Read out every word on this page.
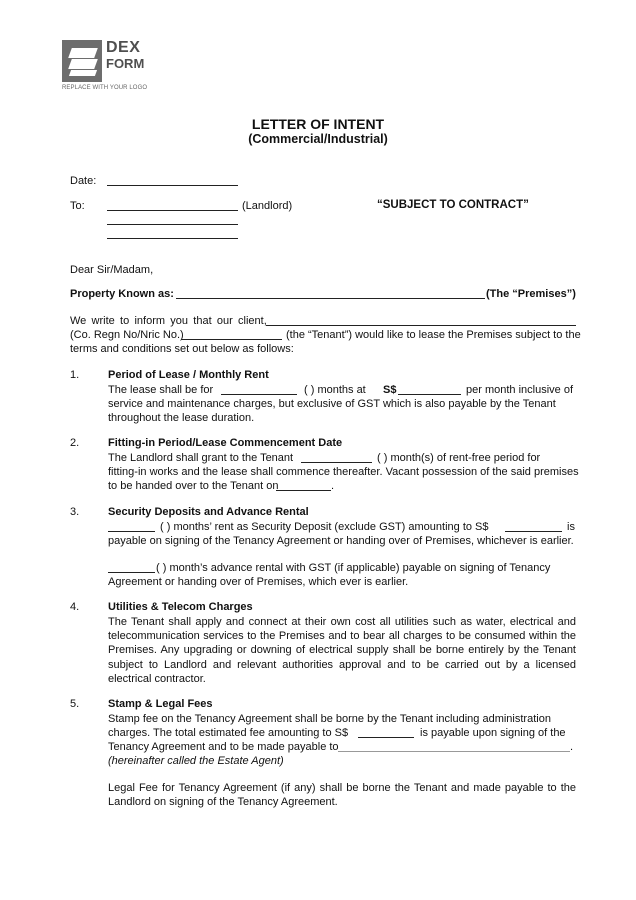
DEX
FORM
REPLACE WITH YOUR LOGO
LETTER OF INTENT
(Commercial/Industrial)
Date:
To:	(Landlord)	“SUBJECT TO CONTRACT”
Dear Sir/Madam,
Property Known as:	(The “Premises”)
We write to inform you that our client,
(Co. Regn No/Nric No.)	(the “Tenant”) would like to lease the Premises subject to the
terms and conditions set out below as follows:
1.	Period of Lease / Monthly Rent
The lease shall be for	( ) months at S$	per month inclusive of
service and maintenance charges, but exclusive of GST which is also payable by the Tenant
throughout the lease duration.
2.	Fitting-in Period/Lease Commencement Date
The Landlord shall grant to the Tenant	( ) month(s) of rent-free period for
fitting-in works and the lease shall commence thereafter. Vacant possession of the said premises
to be handed over to the Tenant on	.
3.	Security Deposits and Advance Rental
( ) months’ rent as Security Deposit (exclude GST) amounting to S$	is
payable on signing of the Tenancy Agreement or handing over of Premises, whichever is earlier.
( ) month’s advance rental with GST (if applicable) payable on signing of Tenancy
Agreement or handing over of Premises, which ever is earlier.
4.	Utilities & Telecom Charges
The Tenant shall apply and connect at their own cost all utilities such as water, electrical and telecommunication services to the Premises and to bear all charges to be consumed within the Premises. Any upgrading or downing of electrical supply shall be borne entirely by the Tenant subject to Landlord and relevant authorities approval and to be carried out by a licensed electrical contractor.
5.	Stamp & Legal Fees
Stamp fee on the Tenancy Agreement shall be borne by the Tenant including administration
charges. The total estimated fee amounting to S$	is payable upon signing of the
Tenancy Agreement and to be made payable to	.
(hereinafter called the Estate Agent)
Legal Fee for Tenancy Agreement (if any) shall be borne the Tenant and made payable to the Landlord on signing of the Tenancy Agreement.
